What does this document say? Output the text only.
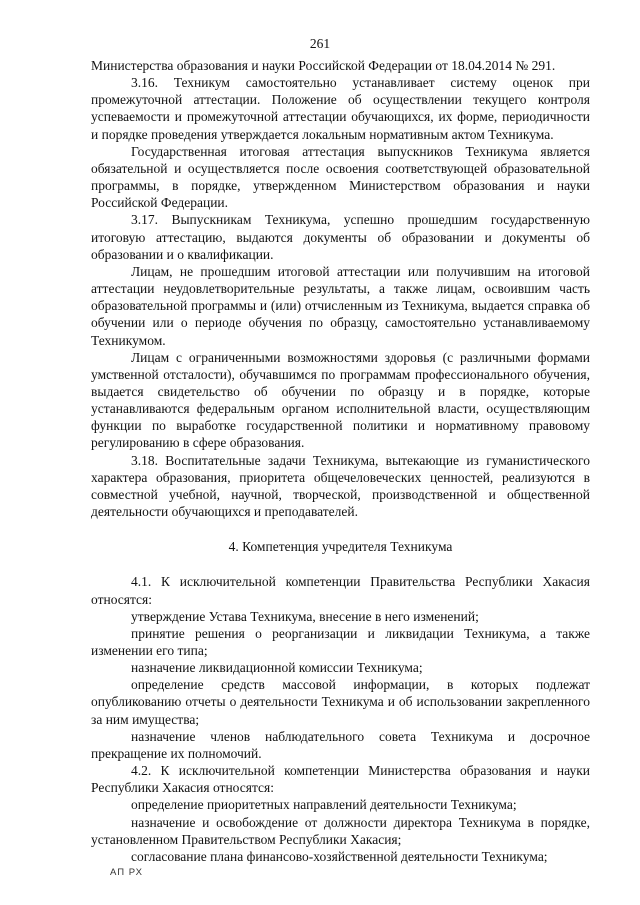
261

Министерства образования и науки Российской Федерации от 18.04.2014 № 291.

3.16. Техникум самостоятельно устанавливает систему оценок при промежуточной аттестации. Положение об осуществлении текущего контроля успеваемости и промежуточной аттестации обучающихся, их форме, периодичности и порядке проведения утверждается локальным нормативным актом Техникума.

Государственная итоговая аттестация выпускников Техникума является обязательной и осуществляется после освоения соответствующей образовательной программы, в порядке, утвержденном Министерством образования и науки Российской Федерации.

3.17. Выпускникам Техникума, успешно прошедшим государственную итоговую аттестацию, выдаются документы об образовании и документы об образовании и о квалификации.

Лицам, не прошедшим итоговой аттестации или получившим на итоговой аттестации неудовлетворительные результаты, а также лицам, освоившим часть образовательной программы и (или) отчисленным из Техникума, выдается справка об обучении или о периоде обучения по образцу, самостоятельно устанавливаемому Техникумом.

Лицам с ограниченными возможностями здоровья (с различными формами умственной отсталости), обучавшимся по программам профессионального обучения, выдается свидетельство об обучении по образцу и в порядке, которые устанавливаются федеральным органом исполнительной власти, осуществляющим функции по выработке государственной политики и нормативному правовому регулированию в сфере образования.

3.18. Воспитательные задачи Техникума, вытекающие из гуманистического характера образования, приоритета общечеловеческих ценностей, реализуются в совместной учебной, научной, творческой, производственной и общественной деятельности обучающихся и преподавателей.

4. Компетенция учредителя Техникума

4.1. К исключительной компетенции Правительства Республики Хакасия относятся:

утверждение Устава Техникума, внесение в него изменений;

принятие решения о реорганизации и ликвидации Техникума, а также изменении его типа;

назначение ликвидационной комиссии Техникума;

определение средств массовой информации, в которых подлежат опубликованию отчеты о деятельности Техникума и об использовании закрепленного за ним имущества;

назначение членов наблюдательного совета Техникума и досрочное прекращение их полномочий.

4.2. К исключительной компетенции Министерства образования и науки Республики Хакасия относятся:

определение приоритетных направлений деятельности Техникума;

назначение и освобождение от должности директора Техникума в порядке, установленном Правительством Республики Хакасия;

согласование плана финансово-хозяйственной деятельности Техникума;

АП РХ
